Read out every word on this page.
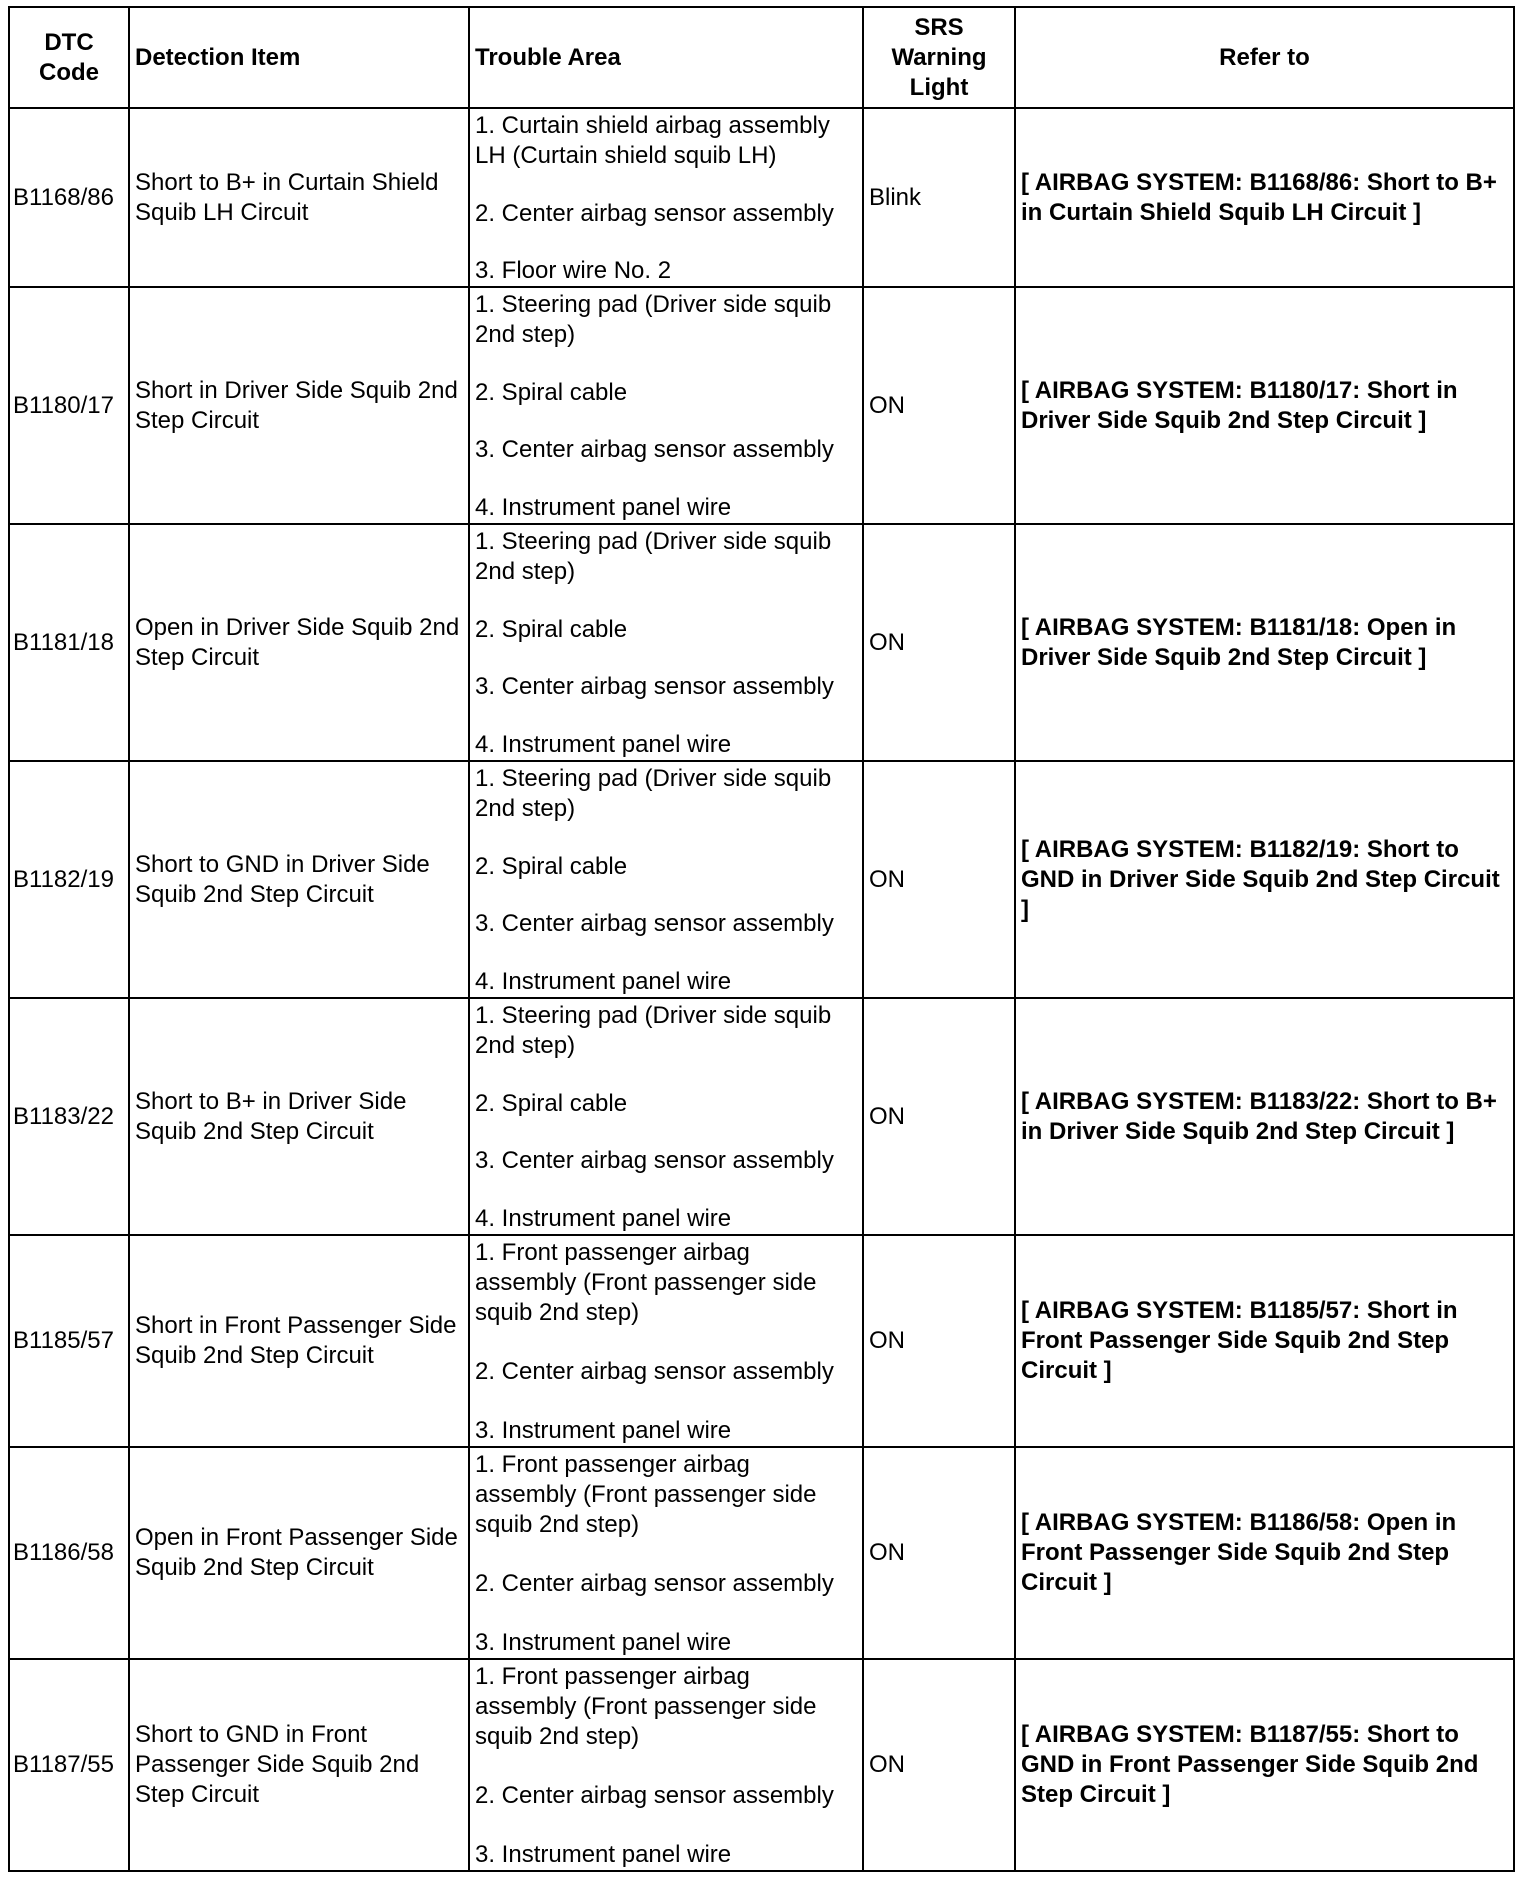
DTC Code	Detection Item	Trouble Area	SRS Warning Light	Refer to
B1168/86	Short to B+ in Curtain Shield Squib LH Circuit	1. Curtain shield airbag assembly LH (Curtain shield squib LH)
2. Center airbag sensor assembly
3. Floor wire No. 2	Blink	[ AIRBAG SYSTEM: B1168/86: Short to B+ in Curtain Shield Squib LH Circuit ]
B1180/17	Short in Driver Side Squib 2nd Step Circuit	1. Steering pad (Driver side squib 2nd step)
2. Spiral cable
3. Center airbag sensor assembly
4. Instrument panel wire	ON	[ AIRBAG SYSTEM: B1180/17: Short in Driver Side Squib 2nd Step Circuit ]
B1181/18	Open in Driver Side Squib 2nd Step Circuit	1. Steering pad (Driver side squib 2nd step)
2. Spiral cable
3. Center airbag sensor assembly
4. Instrument panel wire	ON	[ AIRBAG SYSTEM: B1181/18: Open in Driver Side Squib 2nd Step Circuit ]
B1182/19	Short to GND in Driver Side Squib 2nd Step Circuit	1. Steering pad (Driver side squib 2nd step)
2. Spiral cable
3. Center airbag sensor assembly
4. Instrument panel wire	ON	[ AIRBAG SYSTEM: B1182/19: Short to GND in Driver Side Squib 2nd Step Circuit ]
B1183/22	Short to B+ in Driver Side Squib 2nd Step Circuit	1. Steering pad (Driver side squib 2nd step)
2. Spiral cable
3. Center airbag sensor assembly
4. Instrument panel wire	ON	[ AIRBAG SYSTEM: B1183/22: Short to B+ in Driver Side Squib 2nd Step Circuit ]
B1185/57	Short in Front Passenger Side Squib 2nd Step Circuit	1. Front passenger airbag assembly (Front passenger side squib 2nd step)
2. Center airbag sensor assembly
3. Instrument panel wire	ON	[ AIRBAG SYSTEM: B1185/57: Short in Front Passenger Side Squib 2nd Step Circuit ]
B1186/58	Open in Front Passenger Side Squib 2nd Step Circuit	1. Front passenger airbag assembly (Front passenger side squib 2nd step)
2. Center airbag sensor assembly
3. Instrument panel wire	ON	[ AIRBAG SYSTEM: B1186/58: Open in Front Passenger Side Squib 2nd Step Circuit ]
B1187/55	Short to GND in Front Passenger Side Squib 2nd Step Circuit	1. Front passenger airbag assembly (Front passenger side squib 2nd step)
2. Center airbag sensor assembly
3. Instrument panel wire	ON	[ AIRBAG SYSTEM: B1187/55: Short to GND in Front Passenger Side Squib 2nd Step Circuit ]
